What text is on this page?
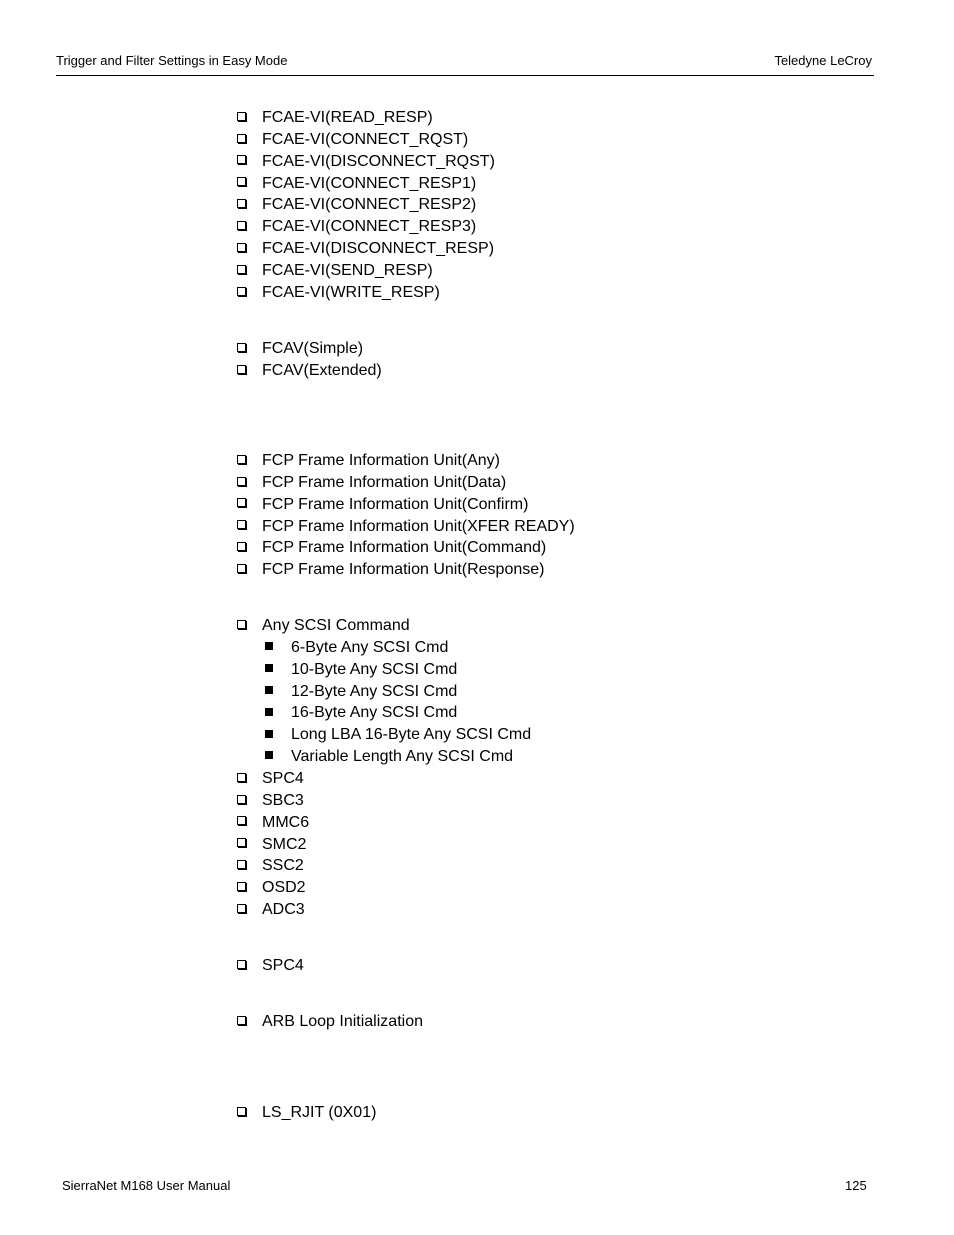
Trigger and Filter Settings in Easy Mode	Teledyne LeCroy
FCAE-VI(READ_RESP)
FCAE-VI(CONNECT_RQST)
FCAE-VI(DISCONNECT_RQST)
FCAE-VI(CONNECT_RESP1)
FCAE-VI(CONNECT_RESP2)
FCAE-VI(CONNECT_RESP3)
FCAE-VI(DISCONNECT_RESP)
FCAE-VI(SEND_RESP)
FCAE-VI(WRITE_RESP)
FCAV(Simple)
FCAV(Extended)
FCP Frame Information Unit(Any)
FCP Frame Information Unit(Data)
FCP Frame Information Unit(Confirm)
FCP Frame Information Unit(XFER READY)
FCP Frame Information Unit(Command)
FCP Frame Information Unit(Response)
Any SCSI Command
6-Byte Any SCSI Cmd
10-Byte Any SCSI Cmd
12-Byte Any SCSI Cmd
16-Byte Any SCSI Cmd
Long LBA 16-Byte Any SCSI Cmd
Variable Length Any SCSI Cmd
SPC4
SBC3
MMC6
SMC2
SSC2
OSD2
ADC3
SPC4
ARB Loop Initialization
LS_RJIT (0X01)
SierraNet M168 User Manual	125
